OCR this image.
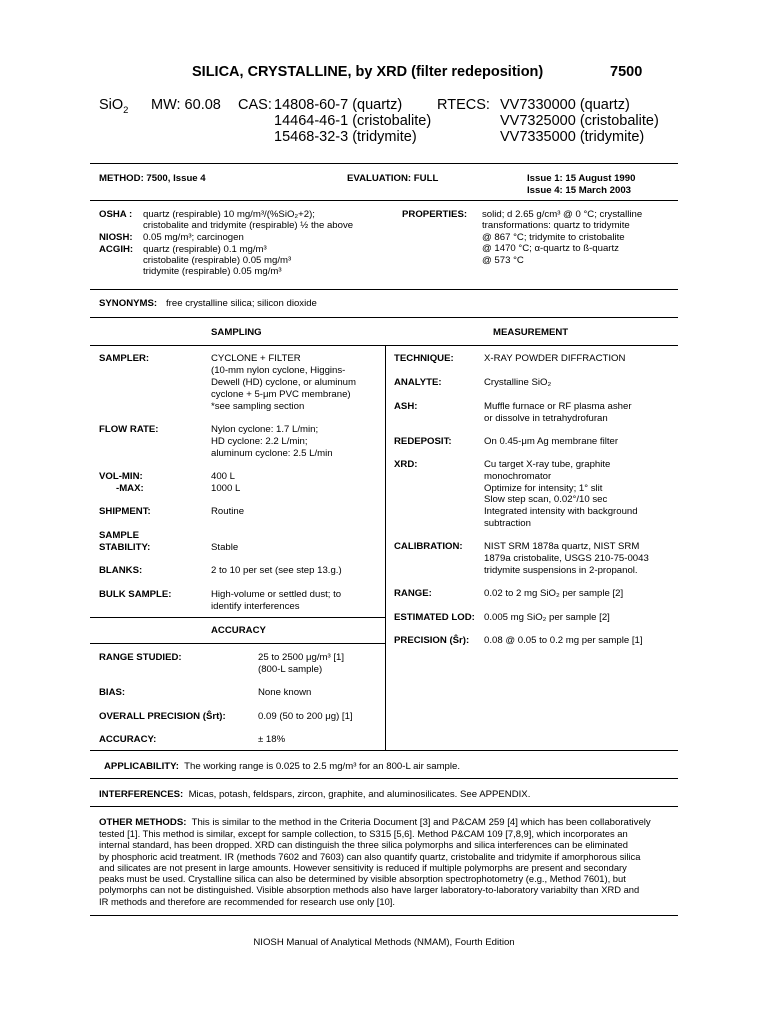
SILICA, CRYSTALLINE, by XRD (filter redeposition)	7500
SiO$_2$ MW: 60.08 CAS: 14808-60-7 (quartz)
14464-46-1 (cristobalite)
15468-32-3 (tridymite)
RTECS: VV7330000 (quartz)
VV7325000 (cristobalite)
VV7335000 (tridymite)
METHOD: 7500, Issue 4	EVALUATION: FULL	Issue 1: 15 August 1990
Issue 4: 15 March 2003
OSHA : quartz (respirable) 10 mg/m³/(%SiO₂+2);
cristobalite and tridymite (respirable) ½ the above
NIOSH: 0.05 mg/m³; carcinogen
ACGIH: quartz (respirable) 0.1 mg/m³
cristobalite (respirable) 0.05 mg/m³
tridymite (respirable) 0.05 mg/m³
PROPERTIES: solid; d 2.65 g/cm³ @ 0 °C; crystalline
transformations: quartz to tridymite
@ 867 °C; tridymite to cristobalite
@ 1470 °C; α-quartz to ß-quartz
@ 573 °C
SYNONYMS: free crystalline silica; silicon dioxide
SAMPLING	MEASUREMENT
SAMPLER:	CYCLONE + FILTER
(10-mm nylon cyclone, Higgins-
Dewell (HD) cyclone, or aluminum
cyclone + 5-μm PVC membrane)
*see sampling section
FLOW RATE:	Nylon cyclone: 1.7 L/min;
HD cyclone: 2.2 L/min;
aluminum cyclone: 2.5 L/min
VOL-MIN:	400 L
-MAX:	1000 L
SHIPMENT:	Routine
SAMPLE
STABILITY:	Stable
BLANKS:	2 to 10 per set (see step 13.g.)
BULK SAMPLE:	High-volume or settled dust; to
identify interferences
ACCURACY
RANGE STUDIED:	25 to 2500 μg/m³ [1]
(800-L sample)
BIAS:	None known
OVERALL PRECISION (Ŝrt):	0.09 (50 to 200 μg) [1]
ACCURACY:	± 18%
TECHNIQUE:	X-RAY POWDER DIFFRACTION
ANALYTE:	Crystalline SiO₂
ASH:	Muffle furnace or RF plasma asher
or dissolve in tetrahydrofuran
REDEPOSIT:	On 0.45-μm Ag membrane filter
XRD:	Cu target X-ray tube, graphite
monochromator
Optimize for intensity; 1° slit
Slow step scan, 0.02°/10 sec
Integrated intensity with background
subtraction
CALIBRATION: NIST SRM 1878a quartz, NIST SRM
1879a cristobalite, USGS 210-75-0043
tridymite suspensions in 2-propanol.
RANGE:	0.02 to 2 mg SiO₂ per sample [2]
ESTIMATED LOD: 0.005 mg SiO₂ per sample [2]
PRECISION (Ŝr): 0.08 @ 0.05 to 0.2 mg per sample [1]
APPLICABILITY: The working range is 0.025 to 2.5 mg/m³ for an 800-L air sample.
INTERFERENCES: Micas, potash, feldspars, zircon, graphite, and aluminosilicates. See APPENDIX.
OTHER METHODS: This is similar to the method in the Criteria Document [3] and P&CAM 259 [4] which has been collaboratively
tested [1]. This method is similar, except for sample collection, to S315 [5,6]. Method P&CAM 109 [7,8,9], which incorporates an
internal standard, has been dropped. XRD can distinguish the three silica polymorphs and silica interferences can be eliminated
by phosphoric acid treatment. IR (methods 7602 and 7603) can also quantify quartz, cristobalite and tridymite if amorphorous silica
and silicates are not present in large amounts. However sensitivity is reduced if multiple polymorphs are present and secondary
peaks must be used. Crystalline silica can also be determined by visible absorption spectrophotometry (e.g., Method 7601), but
polymorphs can not be distinguished. Visible absorption methods also have larger laboratory-to-laboratory variabilty than XRD and
IR methods and therefore are recommended for research use only [10].
NIOSH Manual of Analytical Methods (NMAM), Fourth Edition
